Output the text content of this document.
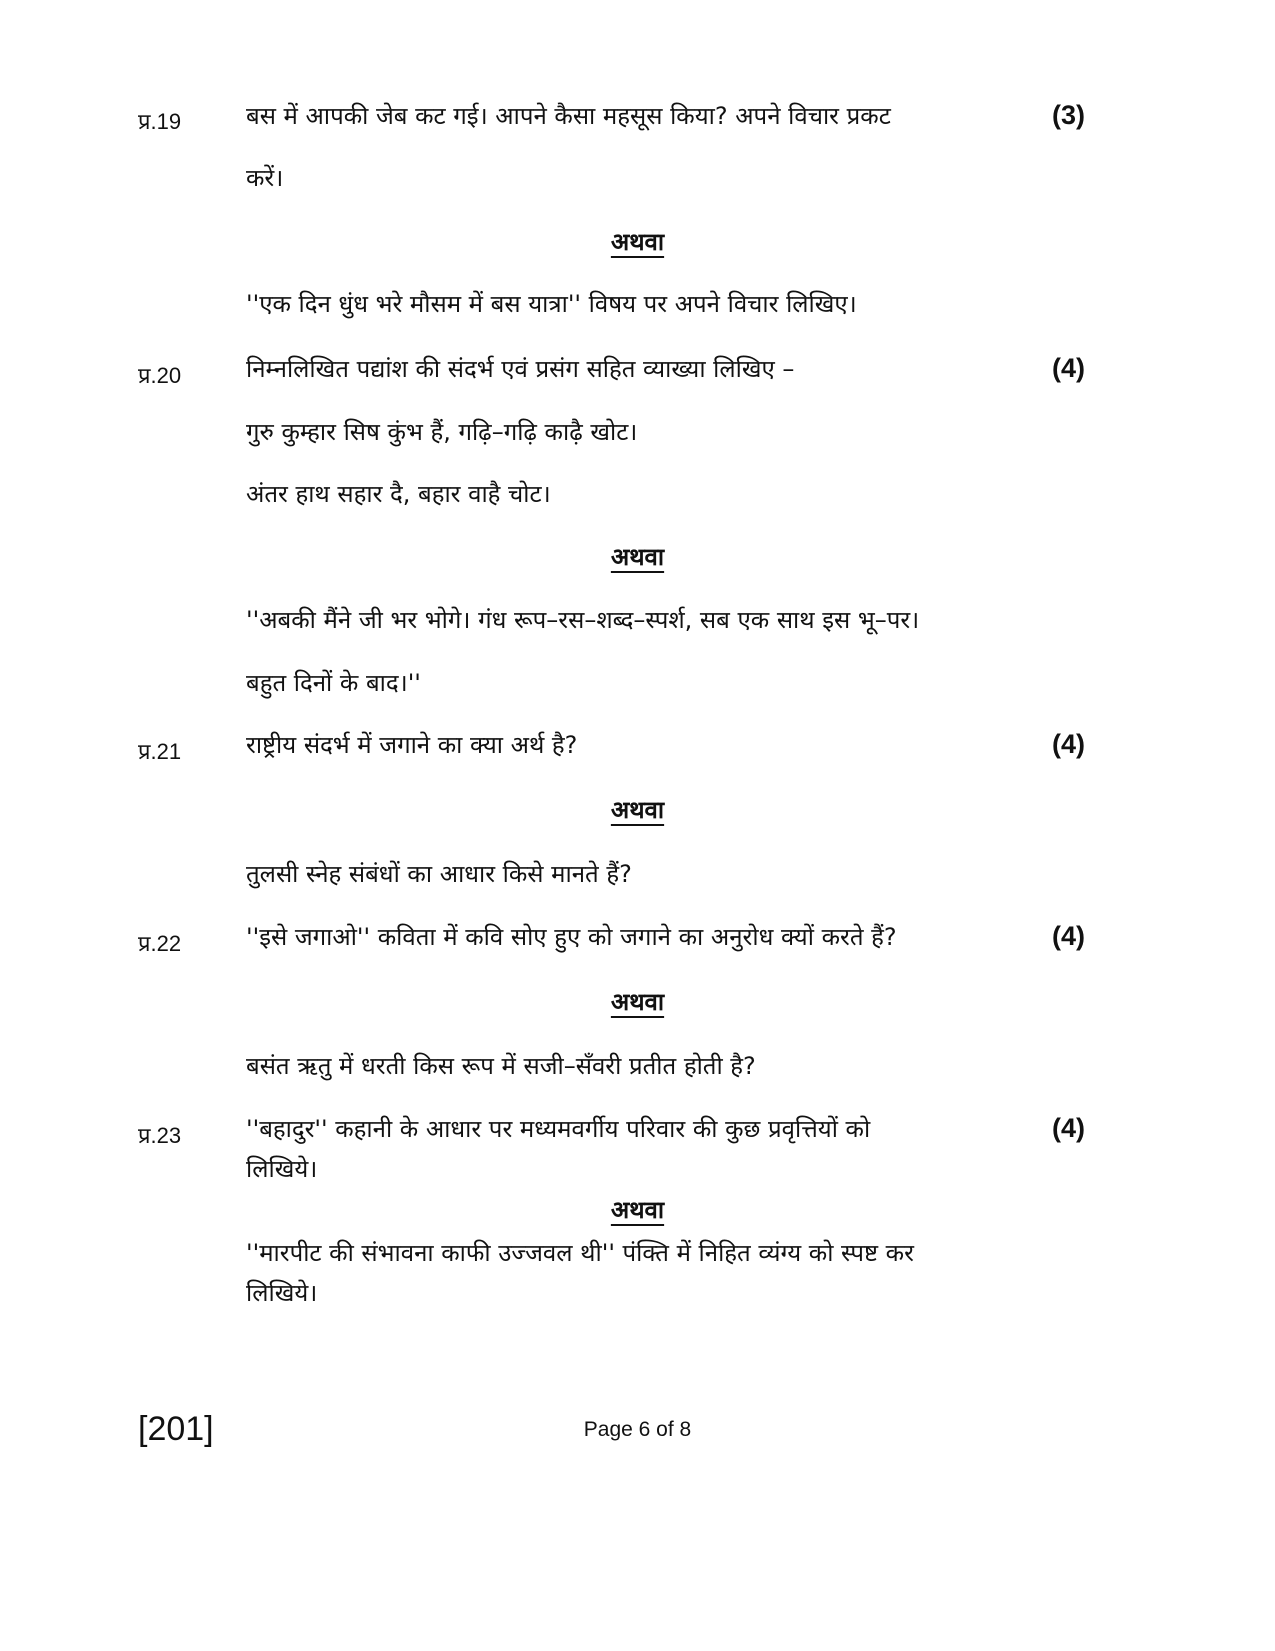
प्र.19	बस में आपकी जेब कट गई। आपने कैसा महसूस किया? अपने विचार प्रकट	(3)
करें।
अथवा
''एक दिन धुंध भरे मौसम में बस यात्रा'' विषय पर अपने विचार लिखिए।
प्र.20	निम्नलिखित पद्यांश की संदर्भ एवं प्रसंग सहित व्याख्या लिखिए –	(4)
गुरु कुम्हार सिष कुंभ हैं, गढ़ि–गढ़ि काढ़ै खोट।
अंतर हाथ सहार दै, बहार वाहै चोट।
अथवा
''अबकी मैंने जी भर भोगे। गंध रूप–रस–शब्द–स्पर्श, सब एक साथ इस भू–पर।
बहुत दिनों के बाद।''
प्र.21	राष्ट्रीय संदर्भ में जगाने का क्या अर्थ है?	(4)
अथवा
तुलसी स्नेह संबंधों का आधार किसे मानते हैं?
प्र.22	''इसे जगाओ'' कविता में कवि सोए हुए को जगाने का अनुरोध क्यों करते हैं?	(4)
अथवा
बसंत ऋतु में धरती किस रूप में सजी–सँवरी प्रतीत होती है?
प्र.23	''बहादुर'' कहानी के आधार पर मध्यमवर्गीय परिवार की कुछ प्रवृत्तियों को	(4)
लिखिये।
अथवा
''मारपीट की संभावना काफी उज्जवल थी'' पंक्ति में निहित व्यंग्य को स्पष्ट कर
लिखिये।
[201]	Page 6 of 8
